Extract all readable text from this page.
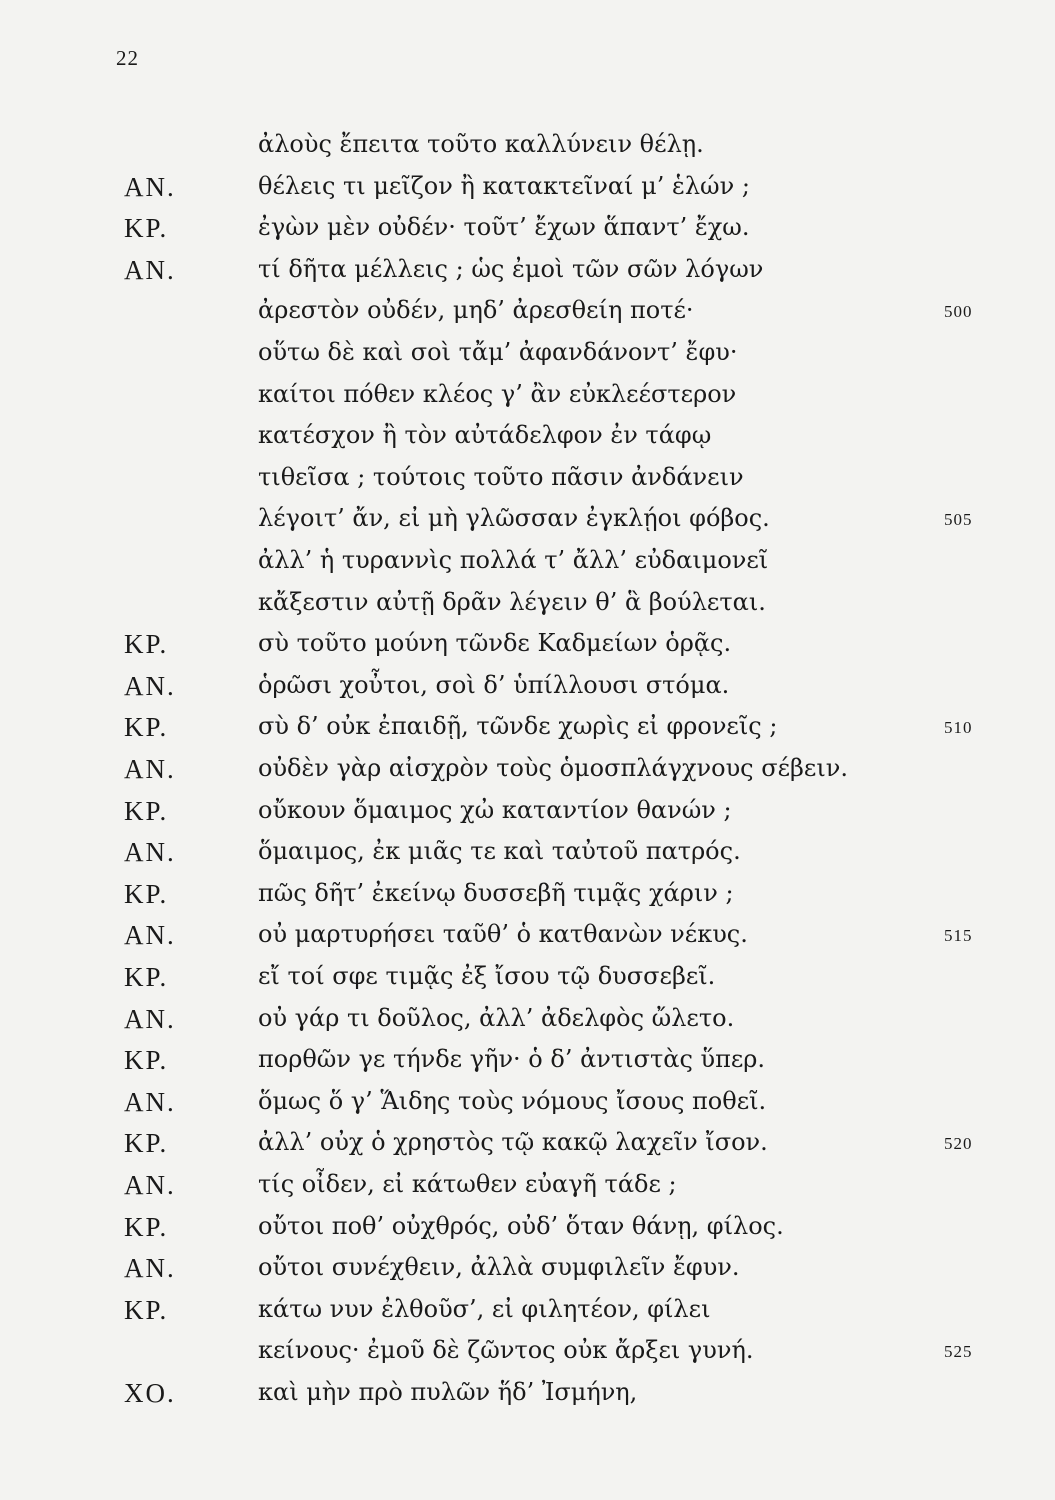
22
ἀλοὺς ἔπειτα τοῦτο καλλύνειν θέλῃ.
ΑΝ.	θέλεις τι μεῖζον ἢ κατακτεῖναί μ’ ἑλών ;
ΚΡ.	ἐγὼν μὲν οὐδέν· τοῦτ’ ἔχων ἅπαντ’ ἔχω.
ΑΝ.	τί δῆτα μέλλεις ; ὡς ἐμοὶ τῶν σῶν λόγων
ἀρεστὸν οὐδέν, μηδ’ ἀρεσθείη ποτέ·	500
οὕτω δὲ καὶ σοὶ τἄμ’ ἀφανδάνοντ’ ἔφυ·
καίτοι πόθεν κλέος γ’ ἂν εὐκλεέστερον
κατέσχον ἢ τὸν αὐτάδελφον ἐν τάφῳ
τιθεῖσα ; τούτοις τοῦτο πᾶσιν ἀνδάνειν
λέγοιτ’ ἄν, εἰ μὴ γλῶσσαν ἐγκλῄοι φόβος.	505
ἀλλ’ ἡ τυραννὶς πολλά τ’ ἄλλ’ εὐδαιμονεῖ
κἄξεστιν αὐτῇ δρᾶν λέγειν θ’ ἃ βούλεται.
ΚΡ.	σὺ τοῦτο μούνη τῶνδε Καδμείων ὁρᾷς.
ΑΝ.	ὁρῶσι χοὖτοι, σοὶ δ’ ὑπίλλουσι στόμα.
ΚΡ.	σὺ δ’ οὐκ ἐπαιδῇ, τῶνδε χωρὶς εἰ φρονεῖς ;	510
ΑΝ.	οὐδὲν γὰρ αἰσχρὸν τοὺς ὁμοσπλάγχνους σέβειν.
ΚΡ.	οὔκουν ὅμαιμος χὠ καταντίον θανών ;
ΑΝ.	ὅμαιμος, ἐκ μιᾶς τε καὶ ταὐτοῦ πατρός.
ΚΡ.	πῶς δῆτ’ ἐκείνῳ δυσσεβῆ τιμᾷς χάριν ;
ΑΝ.	οὐ μαρτυρήσει ταῦθ’ ὁ κατθανὼν νέκυς.	515
ΚΡ.	εἴ τοί σφε τιμᾷς ἐξ ἴσου τῷ δυσσεβεῖ.
ΑΝ.	οὐ γάρ τι δοῦλος, ἀλλ’ ἀδελφὸς ὤλετο.
ΚΡ.	πορθῶν γε τήνδε γῆν· ὁ δ’ ἀντιστὰς ὕπερ.
ΑΝ.	ὅμως ὅ γ’ Ἅιδης τοὺς νόμους ἴσους ποθεῖ.
ΚΡ.	ἀλλ’ οὐχ ὁ χρηστὸς τῷ κακῷ λαχεῖν ἴσον.	520
ΑΝ.	τίς οἶδεν, εἰ κάτωθεν εὐαγῆ τάδε ;
ΚΡ.	οὔτοι ποθ’ οὐχθρός, οὐδ’ ὅταν θάνῃ, φίλος.
ΑΝ.	οὔτοι συνέχθειν, ἀλλὰ συμφιλεῖν ἔφυν.
ΚΡ.	κάτω νυν ἐλθοῦσ’, εἰ φιλητέον, φίλει
κείνους· ἐμοῦ δὲ ζῶντος οὐκ ἄρξει γυνή.	525
ΧΟ.	καὶ μὴν πρὸ πυλῶν ἥδ’ Ἰσμήνη,
